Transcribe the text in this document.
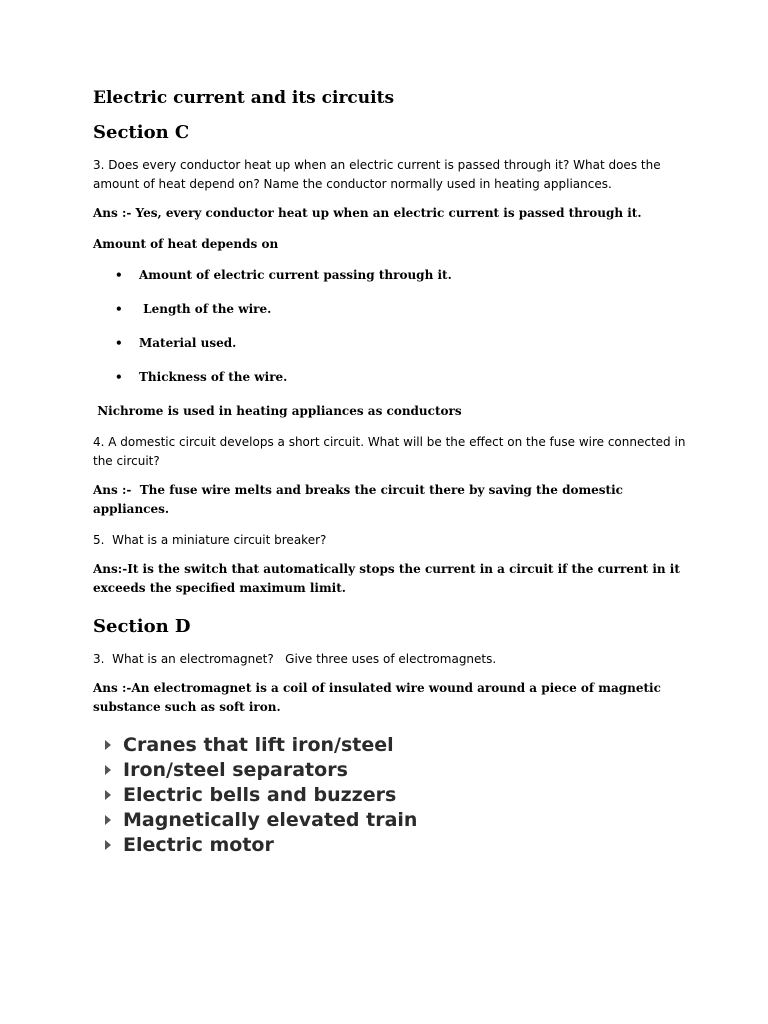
Electric current and its circuits
Section C

3. Does every conductor heat up when an electric current is passed through it? What does the amount of heat depend on? Name the conductor normally used in heating appliances.

Ans :- Yes, every conductor heat up when an electric current is passed through it.

Amount of heat depends on

• Amount of electric current passing through it.
• Length of the wire.
• Material used.
• Thickness of the wire.

Nichrome is used in heating appliances as conductors

4. A domestic circuit develops a short circuit. What will be the effect on the fuse wire connected in the circuit?

Ans :-  The fuse wire melts and breaks the circuit there by saving the domestic appliances.

5.  What is a miniature circuit breaker?

Ans:-It is the switch that automatically stops the current in a circuit if the current in it exceeds the specified maximum limit.

Section D

3.  What is an electromagnet?   Give three uses of electromagnets.

Ans :-An electromagnet is a coil of insulated wire wound around a piece of magnetic substance such as soft iron.

Cranes that lift iron/steel
Iron/steel separators
Electric bells and buzzers
Magnetically elevated train
Electric motor
